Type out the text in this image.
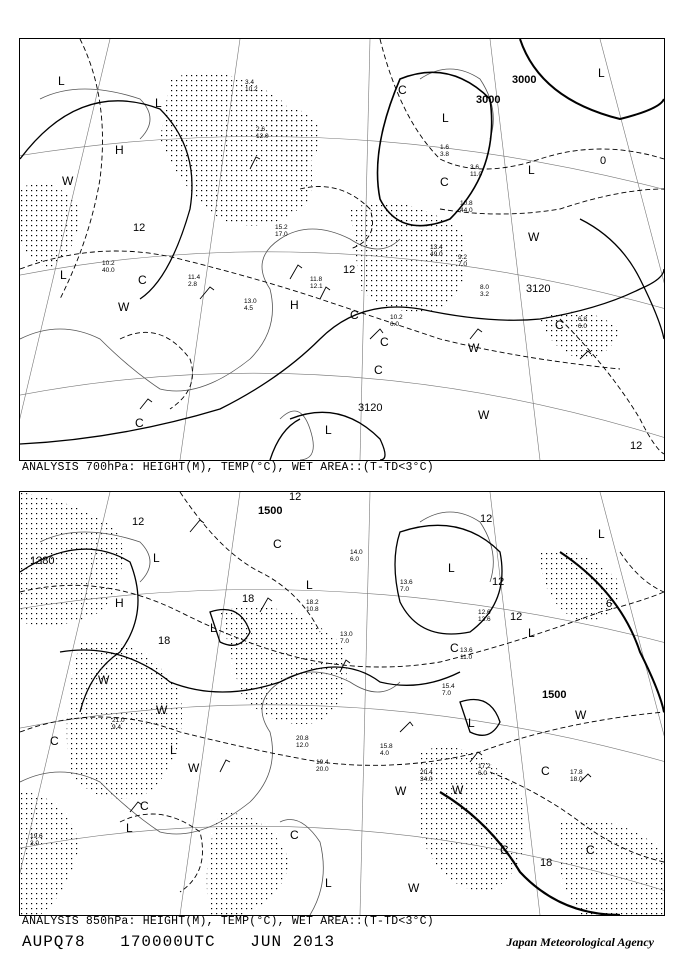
3000
3000
3120
3120
12
12
12
0
L
L
L
H
L
L
H
L
L
W
W
W
W
W
C
C
C
C
C
C
C
C
10.2
40.0
11.4
2.8
11.8
12.1
13.0
4.5
15.2
17.0
13.4
49.0
10.8
44.0
9.2
7.0
8.0
3.2
6.8
6.0
10.2
6.0
2.6
12.0
3.4
10.2
1.6
3.8
3.6
11.0
ANALYSIS 700hPa: HEIGHT(M), TEMP(°C), WET AREA::(T-TD<3°C)
1500
1380
1500
12	12
18
18
12
12
6
18
12
L
L
H
L
L
L
L
L
L
L
L
W
W
W	W
W
W
W
C
C
C
C
C	C
C
C
14.0
6.0
13.6
7.0
18.2
10.8
13.0
7.0
20.4
34.0
15.8
4.0
17.2
6.0	17.8
18.0
19.6
3.0
21.0
9.4
12.6
13.6
15.4
7.0
20.8
12.0
19.4
20.0
13.6
11.0
ANALYSIS 850hPa: HEIGHT(M), TEMP(°C), WET AREA::(T-TD<3°C)
AUPQ78 170000UTC JUN 2013	Japan Meteorological Agency
